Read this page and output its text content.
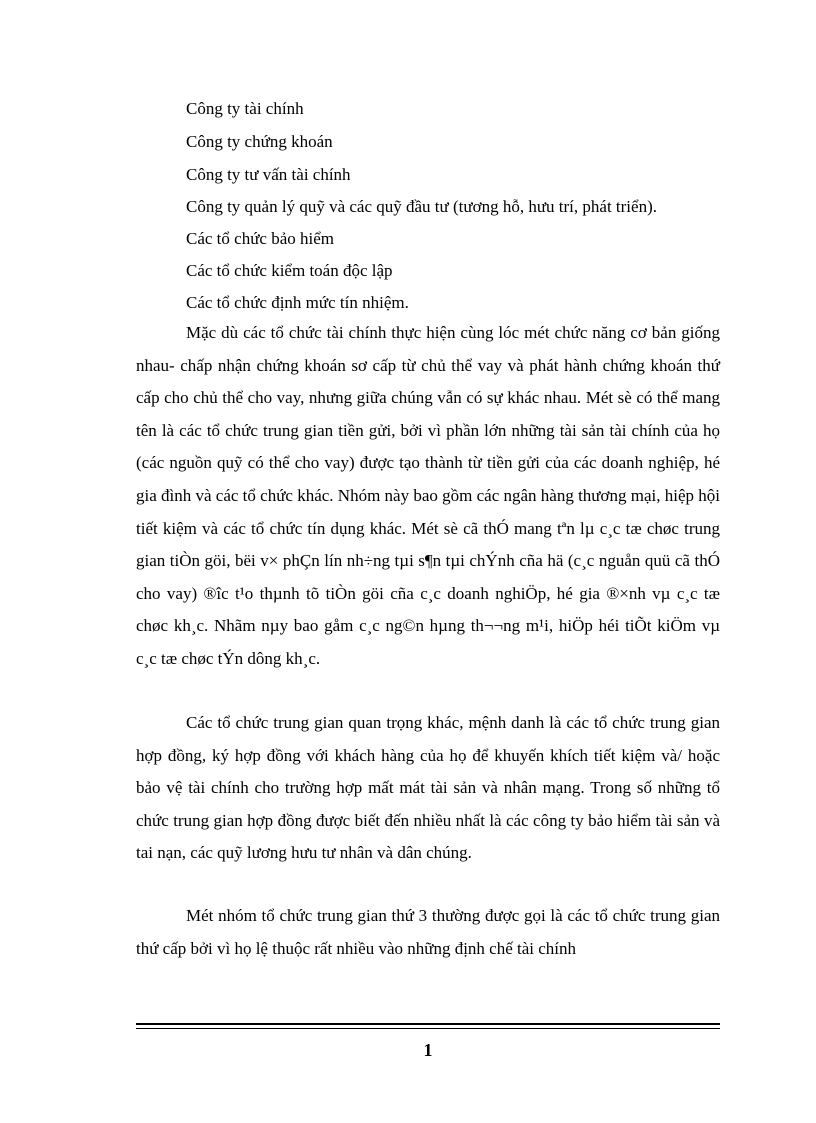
Công ty tài chính
Công ty chứng khoán
Công ty tư vấn tài chính
Công ty quản lý quỹ và các quỹ đầu tư (tương hỗ, hưu trí, phát triển).
Các tổ chức bảo hiểm
Các tổ chức kiểm toán độc lập
Các tổ chức định mức tín nhiệm.

Mặc dù các tổ chức tài chính thực hiện cùng lóc mét chức năng cơ bản giống nhau- chấp nhận chứng khoán sơ cấp từ chủ thể vay và phát hành chứng khoán thứ cấp cho chủ thể cho vay, nhưng giữa chúng vẫn có sự khác nhau. Mét sè có thể mang tên là các tổ chức trung gian tiền gửi, bởi vì phần lớn những tài sản tài chính của họ (các nguồn quỹ có thể cho vay) được tạo thành từ tiền gửi của các doanh nghiệp, hé gia đình và các tổ chức khác. Nhóm này bao gồm các ngân hàng thương mại, hiệp hội tiết kiệm và các tổ chức tín dụng khác. Mét sè cã thÓ mang tªn lµ c¸c tæ chøc trung gian tiÒn göi, bëi v× phÇn lín nh÷ng tµi s¶n tµi chÝnh cña hä (c¸c nguån quü cã thÓ cho vay) ®îc t¹o thµnh tõ tiÒn göi cña c¸c doanh nghiÖp, hé gia ®×nh vµ c¸c tæ chøc kh¸c. Nhãm nµy bao gåm c¸c ng©n hµng th¬¬ng m¹i, hiÖp héi tiÕt kiÖm vµ c¸c tæ chøc tÝn dông kh¸c.

Các tổ chức trung gian quan trọng khác, mệnh danh là các tổ chức trung gian hợp đồng, ký hợp đồng với khách hàng của họ để khuyến khích tiết kiệm và/ hoặc bảo vệ tài chính cho trường hợp mất mát tài sản và nhân mạng. Trong số những tổ chức trung gian hợp đồng được biết đến nhiều nhất là các công ty bảo hiểm tài sản và tai nạn, các quỹ lương hưu tư nhân và dân chúng.

Mét nhóm tổ chức trung gian thứ 3 thường được gọi là các tổ chức trung gian thứ cấp bởi vì họ lệ thuộc rất nhiều vào những định chế tài chính

1
